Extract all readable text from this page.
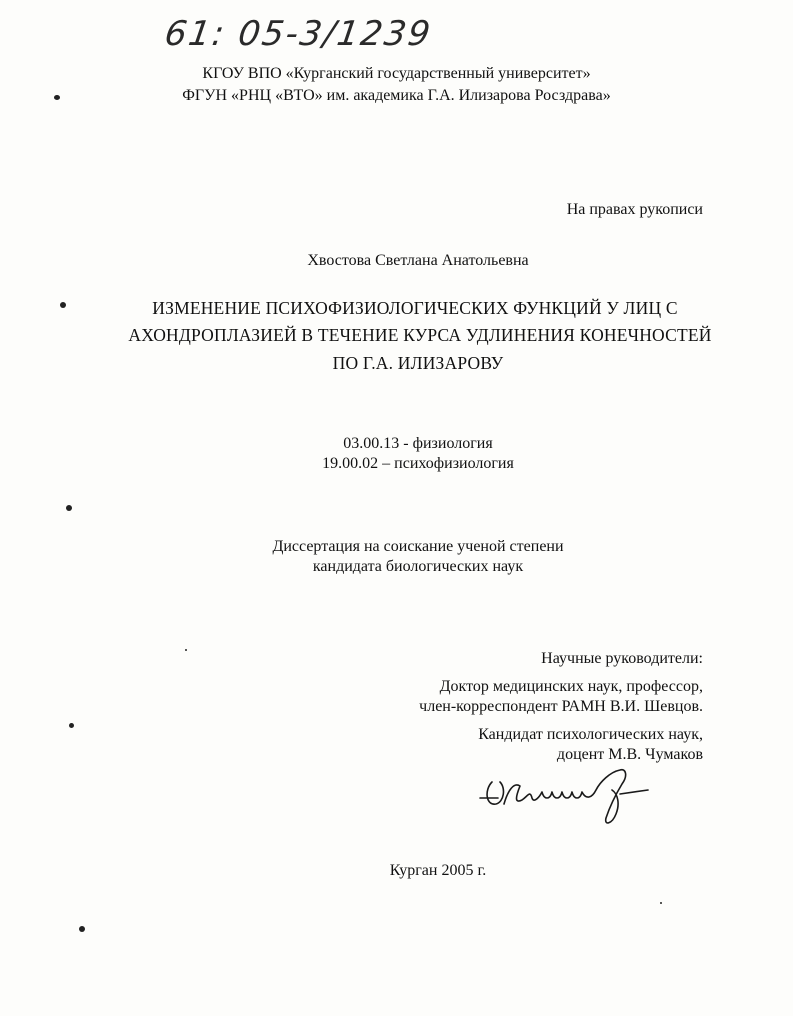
61: 05-3/1239
КГОУ ВПО «Курганский государственный университет»
ФГУН «РНЦ «ВТО» им. академика Г.А. Илизарова Росздрава»
На правах рукописи
Хвостова Светлана Анатольевна
ИЗМЕНЕНИЕ ПСИХОФИЗИОЛОГИЧЕСКИХ ФУНКЦИЙ У ЛИЦ С
АХОНДРОПЛАЗИЕЙ В ТЕЧЕНИЕ КУРСА УДЛИНЕНИЯ КОНЕЧНОСТЕЙ
ПО Г.А. ИЛИЗАРОВУ
03.00.13 - физиология
19.00.02 – психофизиология
Диссертация на соискание ученой степени
кандидата биологических наук
Научные руководители:
Доктор медицинских наук, профессор,
член-корреспондент РАМН В.И. Шевцов.
Кандидат психологических наук,
доцент М.В. Чумаков
Курган 2005 г.
